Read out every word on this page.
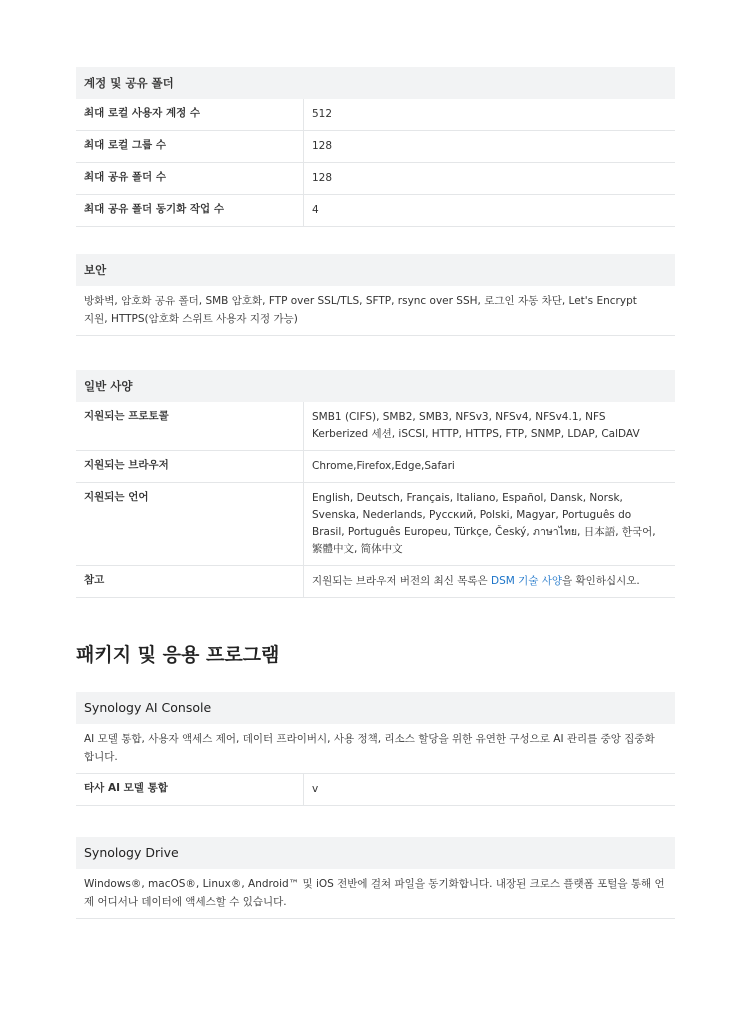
계정 및 공유 폴더
최대 로컬 사용자 계정 수	512
최대 로컬 그룹 수	128
최대 공유 폴더 수	128
최대 공유 폴더 동기화 작업 수	4
보안
방화벽, 암호화 공유 폴더, SMB 암호화, FTP over SSL/TLS, SFTP, rsync over SSH, 로그인 자동 차단, Let's Encrypt
지원, HTTPS(암호화 스위트 사용자 지정 가능)
일반 사양
지원되는 프로토콜	SMB1 (CIFS), SMB2, SMB3, NFSv3, NFSv4, NFSv4.1, NFS
Kerberized 세션, iSCSI, HTTP, HTTPS, FTP, SNMP, LDAP, CalDAV
지원되는 브라우저	Chrome,Firefox,Edge,Safari
지원되는 언어	English, Deutsch, Français, Italiano, Español, Dansk, Norsk,
Svenska, Nederlands, Русский, Polski, Magyar, Português do
Brasil, Português Europeu, Türkçe, Český, ภาษาไทย, 日本語, 한국어,
繁體中文, 简体中文
참고	지원되는 브라우저 버전의 최신 목록은 DSM 기술 사양을 확인하십시오.
패키지 및 응용 프로그램
Synology AI Console
AI 모델 통합, 사용자 액세스 제어, 데이터 프라이버시, 사용 정책, 리소스 할당을 위한 유연한 구성으로 AI 관리를 중앙 집중화
합니다.
타사 AI 모델 통합	v
Synology Drive
Windows®, macOS®, Linux®, Android™ 및 iOS 전반에 걸쳐 파일을 동기화합니다. 내장된 크로스 플랫폼 포털을 통해 언
제 어디서나 데이터에 액세스할 수 있습니다.
